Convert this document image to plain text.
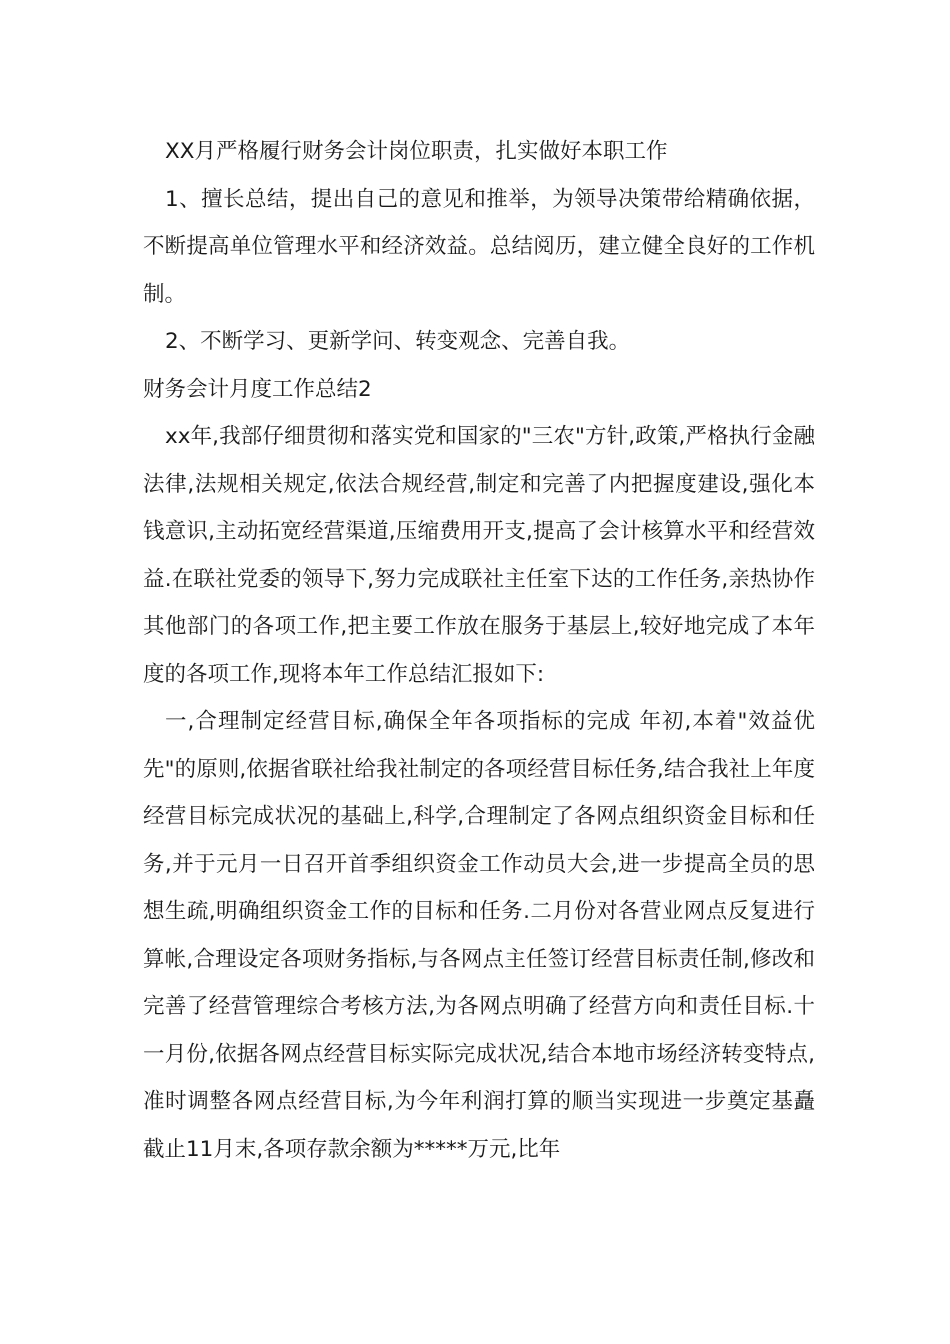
XX月严格履行财务会计岗位职责，扎实做好本职工作

1、擅长总结，提出自己的意见和推举，为领导决策带给精确依据，不断提高单位管理水平和经济效益。总结阅历，建立健全良好的工作机制。

2、不断学习、更新学问、转变观念、完善自我。

财务会计月度工作总结2

xx年,我部仔细贯彻和落实党和国家的"三农"方针,政策,严格执行金融法律,法规相关规定,依法合规经营,制定和完善了内把握度建设,强化本钱意识,主动拓宽经营渠道,压缩费用开支,提高了会计核算水平和经营效益.在联社党委的领导下,努力完成联社主任室下达的工作任务,亲热协作其他部门的各项工作,把主要工作放在服务于基层上,较好地完成了本年度的各项工作,现将本年工作总结汇报如下:

一,合理制定经营目标,确保全年各项指标的完成 年初,本着"效益优先"的原则,依据省联社给我社制定的各项经营目标任务,结合我社上年度经营目标完成状况的基础上,科学,合理制定了各网点组织资金目标和任务,并于元月一日召开首季组织资金工作动员大会,进一步提高全员的思想生疏,明确组织资金工作的目标和任务.二月份对各营业网点反复进行算帐,合理设定各项财务指标,与各网点主任签订经营目标责任制,修改和完善了经营管理综合考核方法,为各网点明确了经营方向和责任目标.十一月份,依据各网点经营目标实际完成状况,结合本地市场经济转变特点,准时调整各网点经营目标,为今年利润打算的顺当实现进一步奠定基矗截止11月末,各项存款余额为*****万元,比年
